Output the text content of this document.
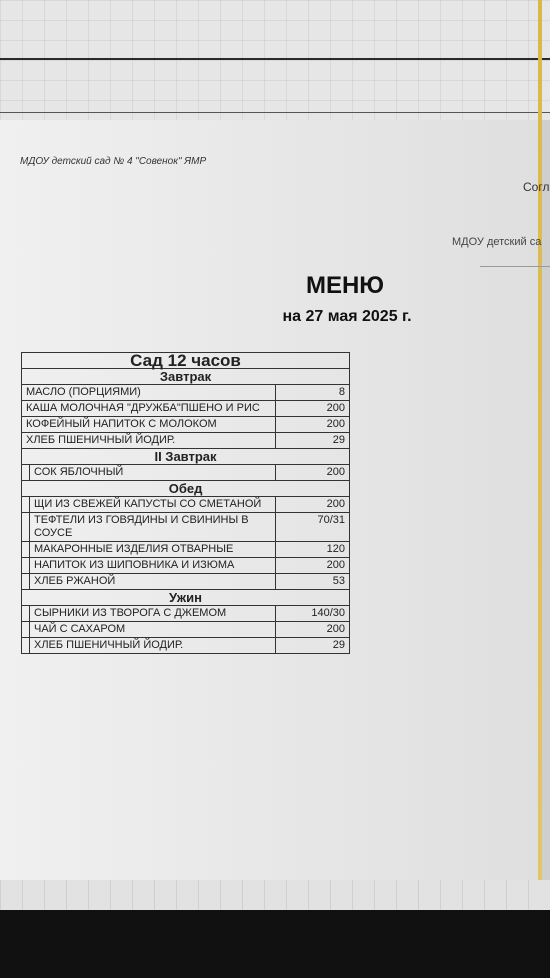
МДОУ детский сад № 4 "Совенок" ЯМР
Согл
МДОУ детский са
МЕНЮ
на 27 мая 2025 г.
Сад 12 часов		
Завтрак		
МАСЛО (ПОРЦИЯМИ)		8
КАША МОЛОЧНАЯ "ДРУЖБА"ПШЕНО И РИС		200
КОФЕЙНЫЙ НАПИТОК С МОЛОКОМ		200
ХЛЕБ ПШЕНИЧНЫЙ ЙОДИР.		29
II Завтрак		
	СОК ЯБЛОЧНЫЙ	200
Обед		
	ЩИ ИЗ СВЕЖЕЙ КАПУСТЫ СО СМЕТАНОЙ	200
	ТЕФТЕЛИ ИЗ ГОВЯДИНЫ И СВИНИНЫ В СОУСЕ	70/31
	МАКАРОННЫЕ ИЗДЕЛИЯ ОТВАРНЫЕ	120
	НАПИТОК ИЗ ШИПОВНИКА И ИЗЮМА	200
	ХЛЕБ РЖАНОЙ	53
Ужин		
	СЫРНИКИ ИЗ ТВОРОГА С ДЖЕМОМ	140/30
	ЧАЙ С САХАРОМ	200
	ХЛЕБ ПШЕНИЧНЫЙ ЙОДИР.	29
